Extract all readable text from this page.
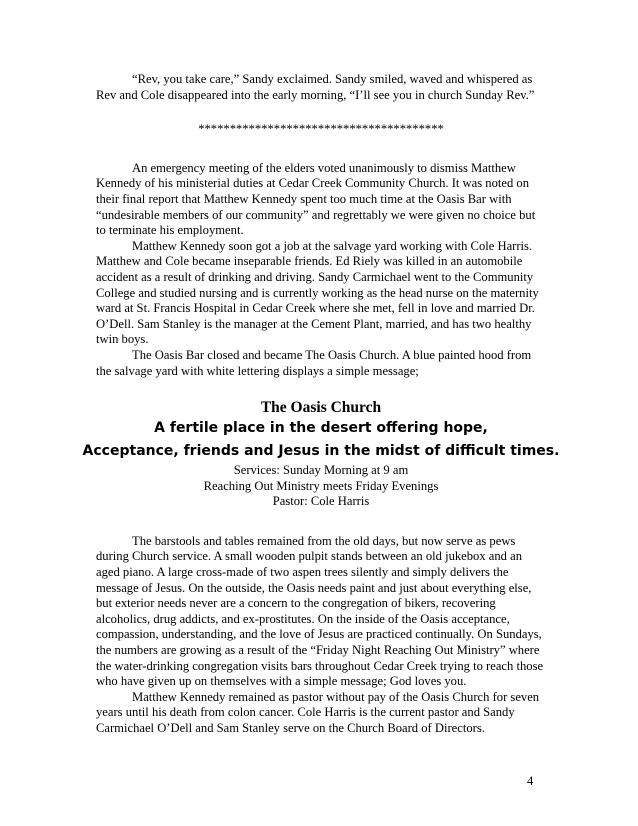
“Rev, you take care,” Sandy exclaimed. Sandy smiled, waved and whispered as Rev and Cole disappeared into the early morning, “I’ll see you in church Sunday Rev.”

***************************************

An emergency meeting of the elders voted unanimously to dismiss Matthew Kennedy of his ministerial duties at Cedar Creek Community Church. It was noted on their final report that Matthew Kennedy spent too much time at the Oasis Bar with “undesirable members of our community” and regrettably we were given no choice but to terminate his employment.

Matthew Kennedy soon got a job at the salvage yard working with Cole Harris. Matthew and Cole became inseparable friends. Ed Riely was killed in an automobile accident as a result of drinking and driving. Sandy Carmichael went to the Community College and studied nursing and is currently working as the head nurse on the maternity ward at St. Francis Hospital in Cedar Creek where she met, fell in love and married Dr. O’Dell. Sam Stanley is the manager at the Cement Plant, married, and has two healthy twin boys.

The Oasis Bar closed and became The Oasis Church. A blue painted hood from the salvage yard with white lettering displays a simple message;

The Oasis Church

A fertile place in the desert offering hope,

Acceptance, friends and Jesus in the midst of difficult times.

Services: Sunday Morning at 9 am

Reaching Out Ministry meets Friday Evenings

Pastor: Cole Harris

The barstools and tables remained from the old days, but now serve as pews during Church service. A small wooden pulpit stands between an old jukebox and an aged piano. A large cross-made of two aspen trees silently and simply delivers the message of Jesus. On the outside, the Oasis needs paint and just about everything else, but exterior needs never are a concern to the congregation of bikers, recovering alcoholics, drug addicts, and ex-prostitutes. On the inside of the Oasis acceptance, compassion, understanding, and the love of Jesus are practiced continually. On Sundays, the numbers are growing as a result of the “Friday Night Reaching Out Ministry” where the water-drinking congregation visits bars throughout Cedar Creek trying to reach those who have given up on themselves with a simple message; God loves you.

Matthew Kennedy remained as pastor without pay of the Oasis Church for seven years until his death from colon cancer. Cole Harris is the current pastor and Sandy Carmichael O’Dell and Sam Stanley serve on the Church Board of Directors.

4
